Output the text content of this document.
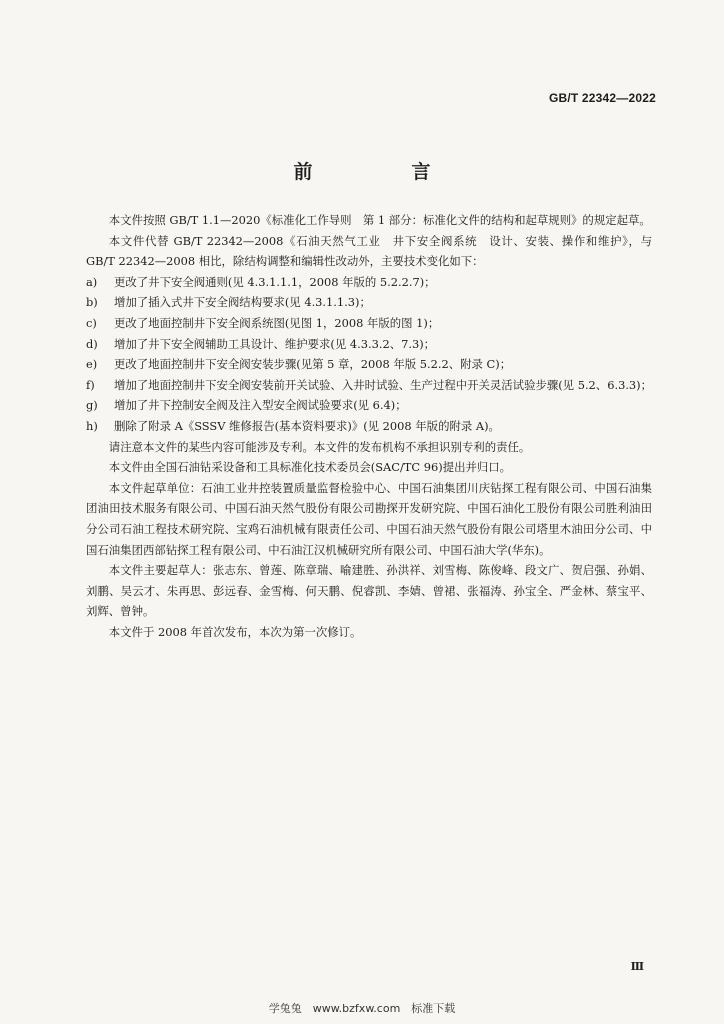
GB/T 22342—2022
前　言

本文件按照 GB/T 1.1—2020《标准化工作导则　第 1 部分：标准化文件的结构和起草规则》的规定起草。

本文件代替 GB/T 22342—2008《石油天然气工业　井下安全阀系统　设计、安装、操作和维护》，与 GB/T 22342—2008 相比，除结构调整和编辑性改动外，主要技术变化如下：

a)	更改了井下安全阀通则(见 4.3.1.1.1，2008 年版的 5.2.2.7)；
b)	增加了插入式井下安全阀结构要求(见 4.3.1.1.3)；
c)	更改了地面控制井下安全阀系统图(见图 1，2008 年版的图 1)；
d)	增加了井下安全阀辅助工具设计、维护要求(见 4.3.3.2、7.3)；
e)	更改了地面控制井下安全阀安装步骤(见第 5 章，2008 年版 5.2.2、附录 C)；
f)	增加了地面控制井下安全阀安装前开关试验、入井时试验、生产过程中开关灵活试验步骤(见 5.2、6.3.3)；
g)	增加了井下控制安全阀及注入型安全阀试验要求(见 6.4)；
h)	删除了附录 A《SSSV 维修报告(基本资料要求)》(见 2008 年版的附录 A)。

请注意本文件的某些内容可能涉及专利。本文件的发布机构不承担识别专利的责任。

本文件由全国石油钻采设备和工具标准化技术委员会(SAC/TC 96)提出并归口。

本文件起草单位：石油工业井控装置质量监督检验中心、中国石油集团川庆钻探工程有限公司、中国石油集团油田技术服务有限公司、中国石油天然气股份有限公司勘探开发研究院、中国石油化工股份有限公司胜利油田分公司石油工程技术研究院、宝鸡石油机械有限责任公司、中国石油天然气股份有限公司塔里木油田分公司、中国石油集团西部钻探工程有限公司、中石油江汉机械研究所有限公司、中国石油大学(华东)。

本文件主要起草人：张志东、曾莲、陈章瑞、喻建胜、孙洪祥、刘雪梅、陈俊峰、段文广、贺启强、孙娟、刘鹏、吴云才、朱再思、彭远春、金雪梅、何天鹏、倪睿凯、李婧、曾裙、张福涛、孙宝全、严金林、蔡宝平、刘辉、曾钟。

本文件于 2008 年首次发布，本次为第一次修订。

Ⅲ
学兔兔　www.bzfxw.com　标准下载
